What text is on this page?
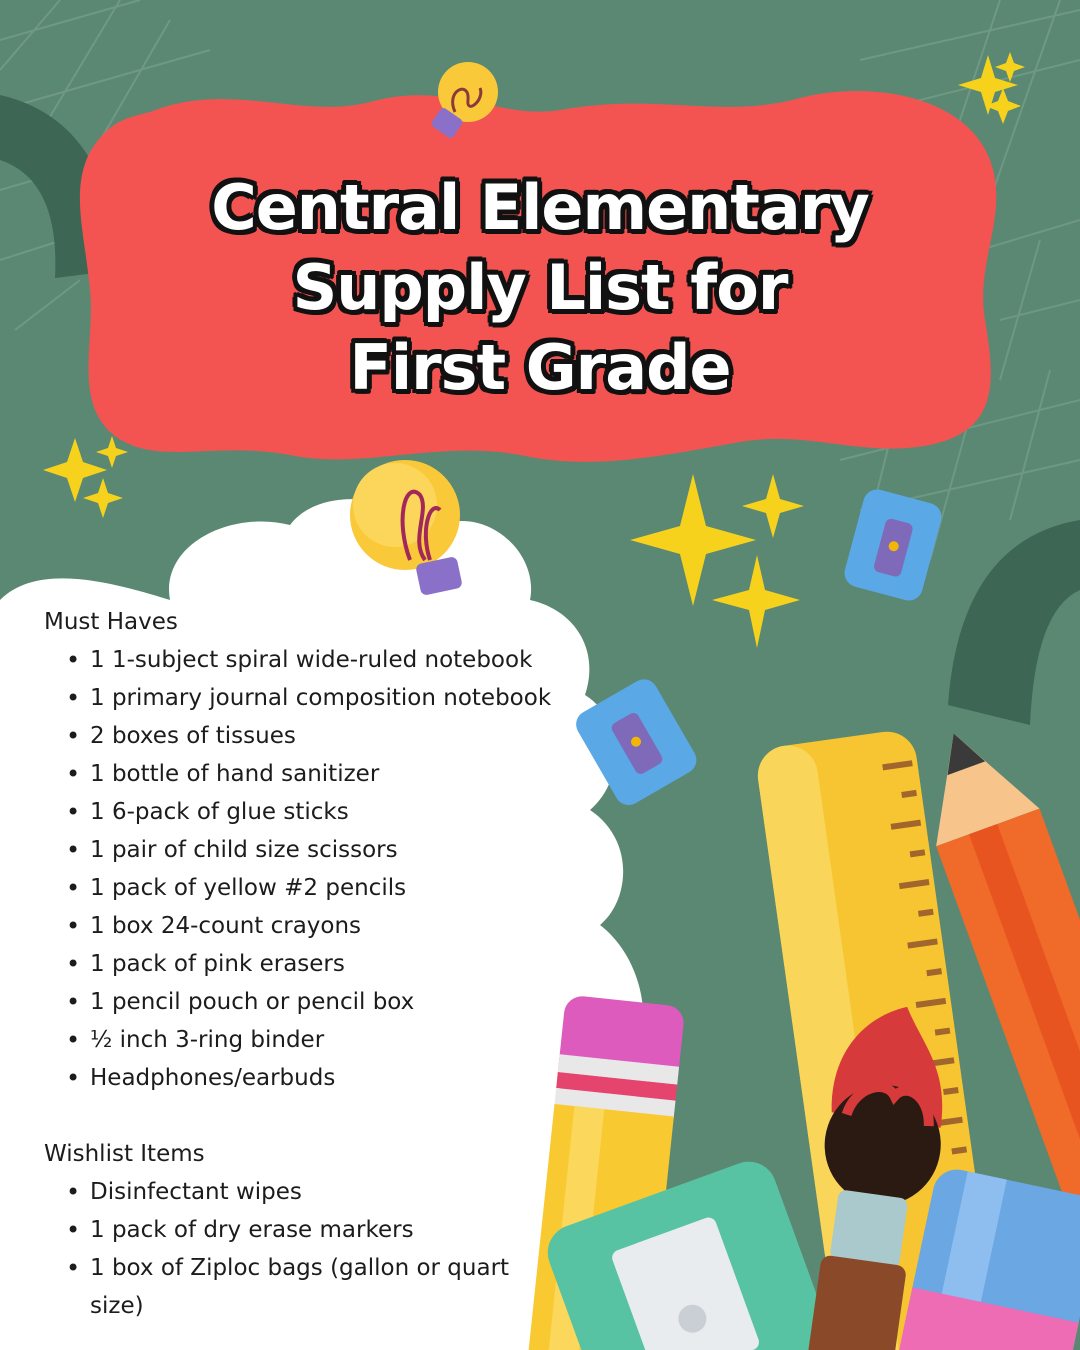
Central Elementary
Supply List for
First Grade

Must Haves

• 1 1-subject spiral wide-ruled notebook
• 1 primary journal composition notebook
• 2 boxes of tissues
• 1 bottle of hand sanitizer
• 1 6-pack of glue sticks
• 1 pair of child size scissors
• 1 pack of yellow #2 pencils
• 1 box 24-count crayons
• 1 pack of pink erasers
• 1 pencil pouch or pencil box
• ½ inch 3-ring binder
• Headphones/earbuds

Wishlist Items

• Disinfectant wipes
• 1 pack of dry erase markers
• 1 box of Ziploc bags (gallon or quart size)
